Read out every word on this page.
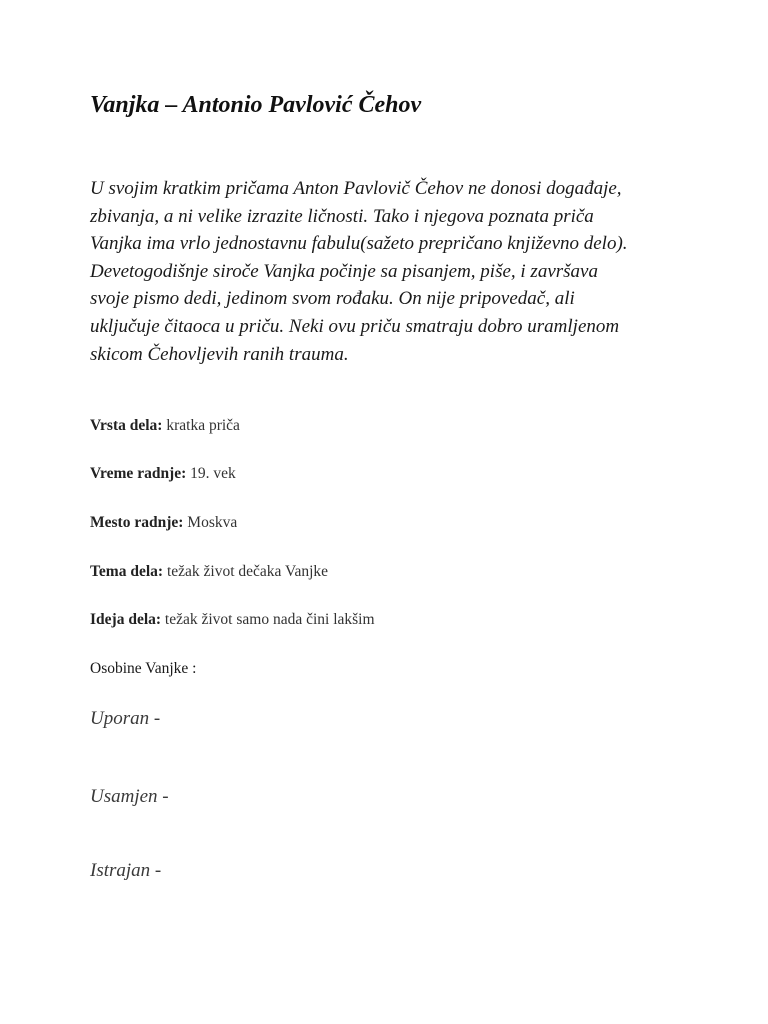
Vanjka – Antonio Pavlović Čehov

U svojim kratkim pričama Anton Pavlovič Čehov ne donosi događaje,
zbivanja, a ni velike izrazite ličnosti. Tako i njegova poznata priča
Vanjka ima vrlo jednostavnu fabulu(sažeto prepričano književno delo).
Devetogodišnje siroče Vanjka počinje sa pisanjem, piše, i završava
svoje pismo dedi, jedinom svom rođaku. On nije pripovedač, ali
uključuje čitaoca u priču. Neki ovu priču smatraju dobro uramljenom
skicom Čehovljevih ranih trauma.

Vrsta dela: kratka priča

Vreme radnje: 19. vek

Mesto radnje: Moskva

Tema dela: težak život dečaka Vanjke

Ideja dela: težak život samo nada čini lakšim

Osobine Vanjke :

Uporan -

Usamjen -

Istrajan -
